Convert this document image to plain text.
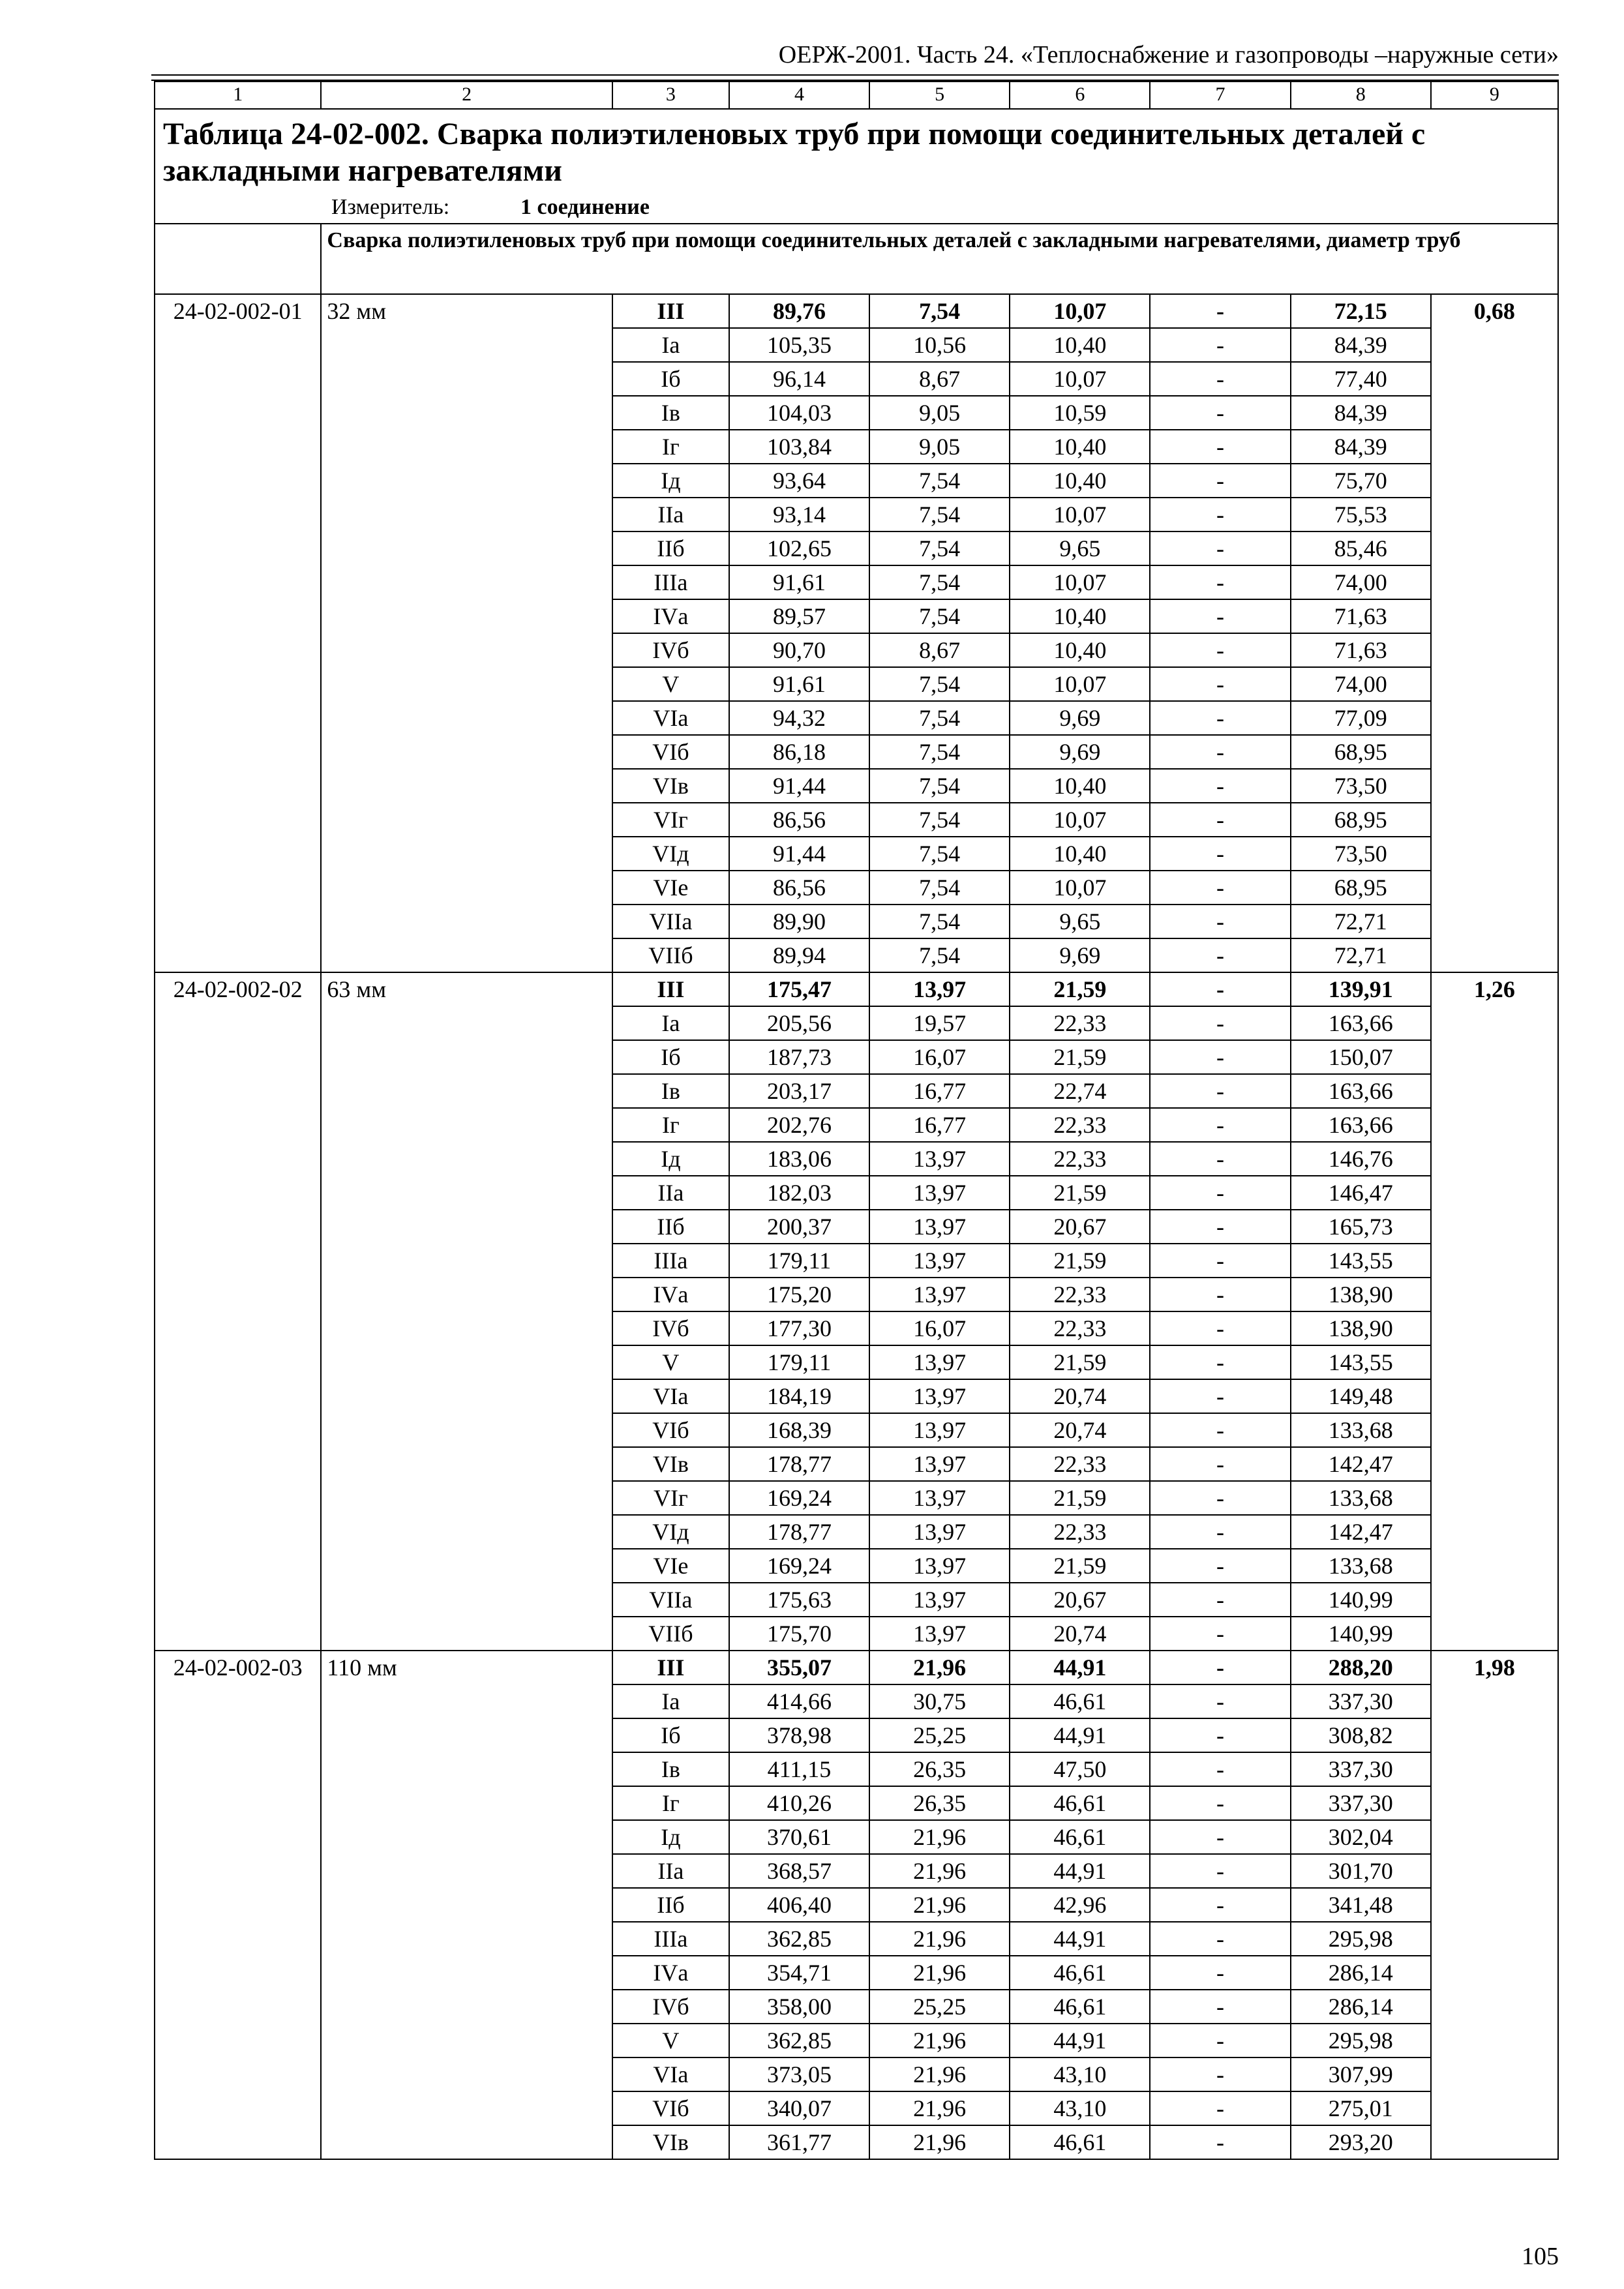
ОЕРЖ-2001. Часть 24. «Теплоснабжение и газопроводы –наружные сети»
1	2	3	4	5	6	7	8	9

Таблица 24-02-002. Сварка полиэтиленовых труб при помощи соединительных деталей с закладными нагревателями
Измеритель: 1 соединение								

	Сварка полиэтиленовых труб при помощи соединительных деталей с закладными нагревателями, диаметр труб							
24-02-002-01	32 мм	III	89,76	7,54	10,07	-	72,15	0,68
		Iа	105,35	10,56	10,40	-	84,39	
		Iб	96,14	8,67	10,07	-	77,40	
		Iв	104,03	9,05	10,59	-	84,39	
		Iг	103,84	9,05	10,40	-	84,39	
		Iд	93,64	7,54	10,40	-	75,70	
		IIа	93,14	7,54	10,07	-	75,53	
		IIб	102,65	7,54	9,65	-	85,46	
		IIIа	91,61	7,54	10,07	-	74,00	
		IVа	89,57	7,54	10,40	-	71,63	
		IVб	90,70	8,67	10,40	-	71,63	
		V	91,61	7,54	10,07	-	74,00	
		VIа	94,32	7,54	9,69	-	77,09	
		VIб	86,18	7,54	9,69	-	68,95	
		VIв	91,44	7,54	10,40	-	73,50	
		VIг	86,56	7,54	10,07	-	68,95	
		VIд	91,44	7,54	10,40	-	73,50	
		VIе	86,56	7,54	10,07	-	68,95	
		VIIа	89,90	7,54	9,65	-	72,71	
		VIIб	89,94	7,54	9,69	-	72,71	
24-02-002-02	63 мм	III	175,47	13,97	21,59	-	139,91	1,26
		Iа	205,56	19,57	22,33	-	163,66	
		Iб	187,73	16,07	21,59	-	150,07	
		Iв	203,17	16,77	22,74	-	163,66	
		Iг	202,76	16,77	22,33	-	163,66	
		Iд	183,06	13,97	22,33	-	146,76	
		IIа	182,03	13,97	21,59	-	146,47	
		IIб	200,37	13,97	20,67	-	165,73	
		IIIа	179,11	13,97	21,59	-	143,55	
		IVа	175,20	13,97	22,33	-	138,90	
		IVб	177,30	16,07	22,33	-	138,90	
		V	179,11	13,97	21,59	-	143,55	
		VIа	184,19	13,97	20,74	-	149,48	
		VIб	168,39	13,97	20,74	-	133,68	
		VIв	178,77	13,97	22,33	-	142,47	
		VIг	169,24	13,97	21,59	-	133,68	
		VIд	178,77	13,97	22,33	-	142,47	
		VIе	169,24	13,97	21,59	-	133,68	
		VIIа	175,63	13,97	20,67	-	140,99	
		VIIб	175,70	13,97	20,74	-	140,99	
24-02-002-03	110 мм	III	355,07	21,96	44,91	-	288,20	1,98
		Iа	414,66	30,75	46,61	-	337,30	
		Iб	378,98	25,25	44,91	-	308,82	
		Iв	411,15	26,35	47,50	-	337,30	
		Iг	410,26	26,35	46,61	-	337,30	
		Iд	370,61	21,96	46,61	-	302,04	
		IIа	368,57	21,96	44,91	-	301,70	
		IIб	406,40	21,96	42,96	-	341,48	
		IIIа	362,85	21,96	44,91	-	295,98	
		IVа	354,71	21,96	46,61	-	286,14	
		IVб	358,00	25,25	46,61	-	286,14	
		V	362,85	21,96	44,91	-	295,98	
		VIа	373,05	21,96	43,10	-	307,99	
		VIб	340,07	21,96	43,10	-	275,01	
		VIв	361,77	21,96	46,61	-	293,20	
105
